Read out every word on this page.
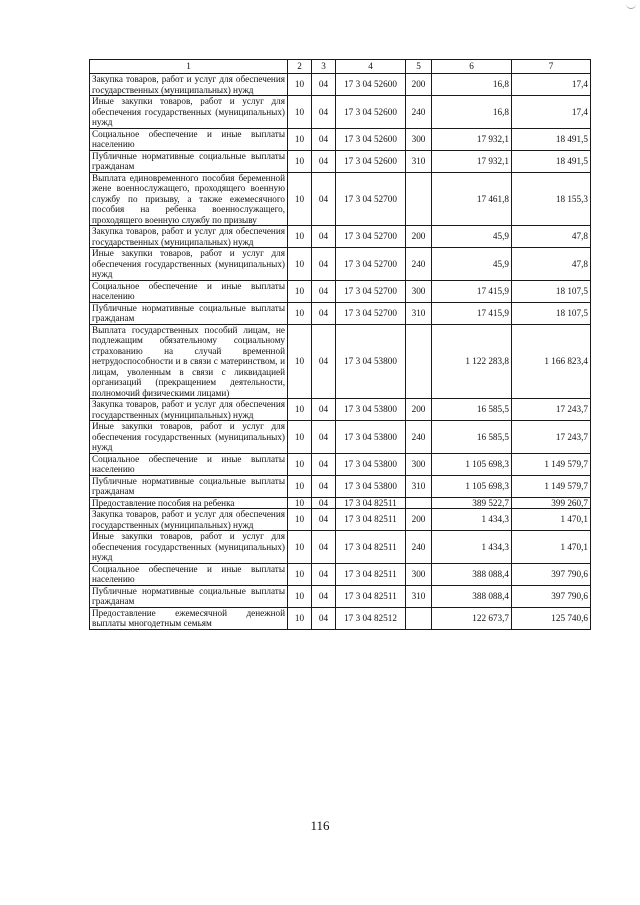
1	2	3	4	5	6	7
Закупка товаров, работ и услуг для обеспечения государственных (муниципальных) нужд	10	04	17 3 04 52600	200	16,8	17,4
Иные закупки товаров, работ и услуг для обеспечения государственных (муниципальных) нужд	10	04	17 3 04 52600	240	16,8	17,4
Социальное обеспечение и иные выплаты населению	10	04	17 3 04 52600	300	17 932,1	18 491,5
Публичные нормативные социальные выплаты гражданам	10	04	17 3 04 52600	310	17 932,1	18 491,5
Выплата единовременного пособия беременной жене военнослужащего, проходящего военную службу по призыву, а также ежемесячного пособия на ребенка военнослужащего, проходящего военную службу по призыву	10	04	17 3 04 52700		17 461,8	18 155,3
Закупка товаров, работ и услуг для обеспечения государственных (муниципальных) нужд	10	04	17 3 04 52700	200	45,9	47,8
Иные закупки товаров, работ и услуг для обеспечения государственных (муниципальных) нужд	10	04	17 3 04 52700	240	45,9	47,8
Социальное обеспечение и иные выплаты населению	10	04	17 3 04 52700	300	17 415,9	18 107,5
Публичные нормативные социальные выплаты гражданам	10	04	17 3 04 52700	310	17 415,9	18 107,5
Выплата государственных пособий лицам, не подлежащим обязательному социальному страхованию на случай временной нетрудоспособности и в связи с материнством, и лицам, уволенным в связи с ликвидацией организаций (прекращением деятельности, полномочий физическими лицами)	10	04	17 3 04 53800		1 122 283,8	1 166 823,4
Закупка товаров, работ и услуг для обеспечения государственных (муниципальных) нужд	10	04	17 3 04 53800	200	16 585,5	17 243,7
Иные закупки товаров, работ и услуг для обеспечения государственных (муниципальных) нужд	10	04	17 3 04 53800	240	16 585,5	17 243,7
Социальное обеспечение и иные выплаты населению	10	04	17 3 04 53800	300	1 105 698,3	1 149 579,7
Публичные нормативные социальные выплаты гражданам	10	04	17 3 04 53800	310	1 105 698,3	1 149 579,7
Предоставление пособия на ребенка	10	04	17 3 04 82511		389 522,7	399 260,7
Закупка товаров, работ и услуг для обеспечения государственных (муниципальных) нужд	10	04	17 3 04 82511	200	1 434,3	1 470,1
Иные закупки товаров, работ и услуг для обеспечения государственных (муниципальных) нужд	10	04	17 3 04 82511	240	1 434,3	1 470,1
Социальное обеспечение и иные выплаты населению	10	04	17 3 04 82511	300	388 088,4	397 790,6
Публичные нормативные социальные выплаты гражданам	10	04	17 3 04 82511	310	388 088,4	397 790,6
Предоставление ежемесячной денежной выплаты многодетным семьям	10	04	17 3 04 82512		122 673,7	125 740,6
116
